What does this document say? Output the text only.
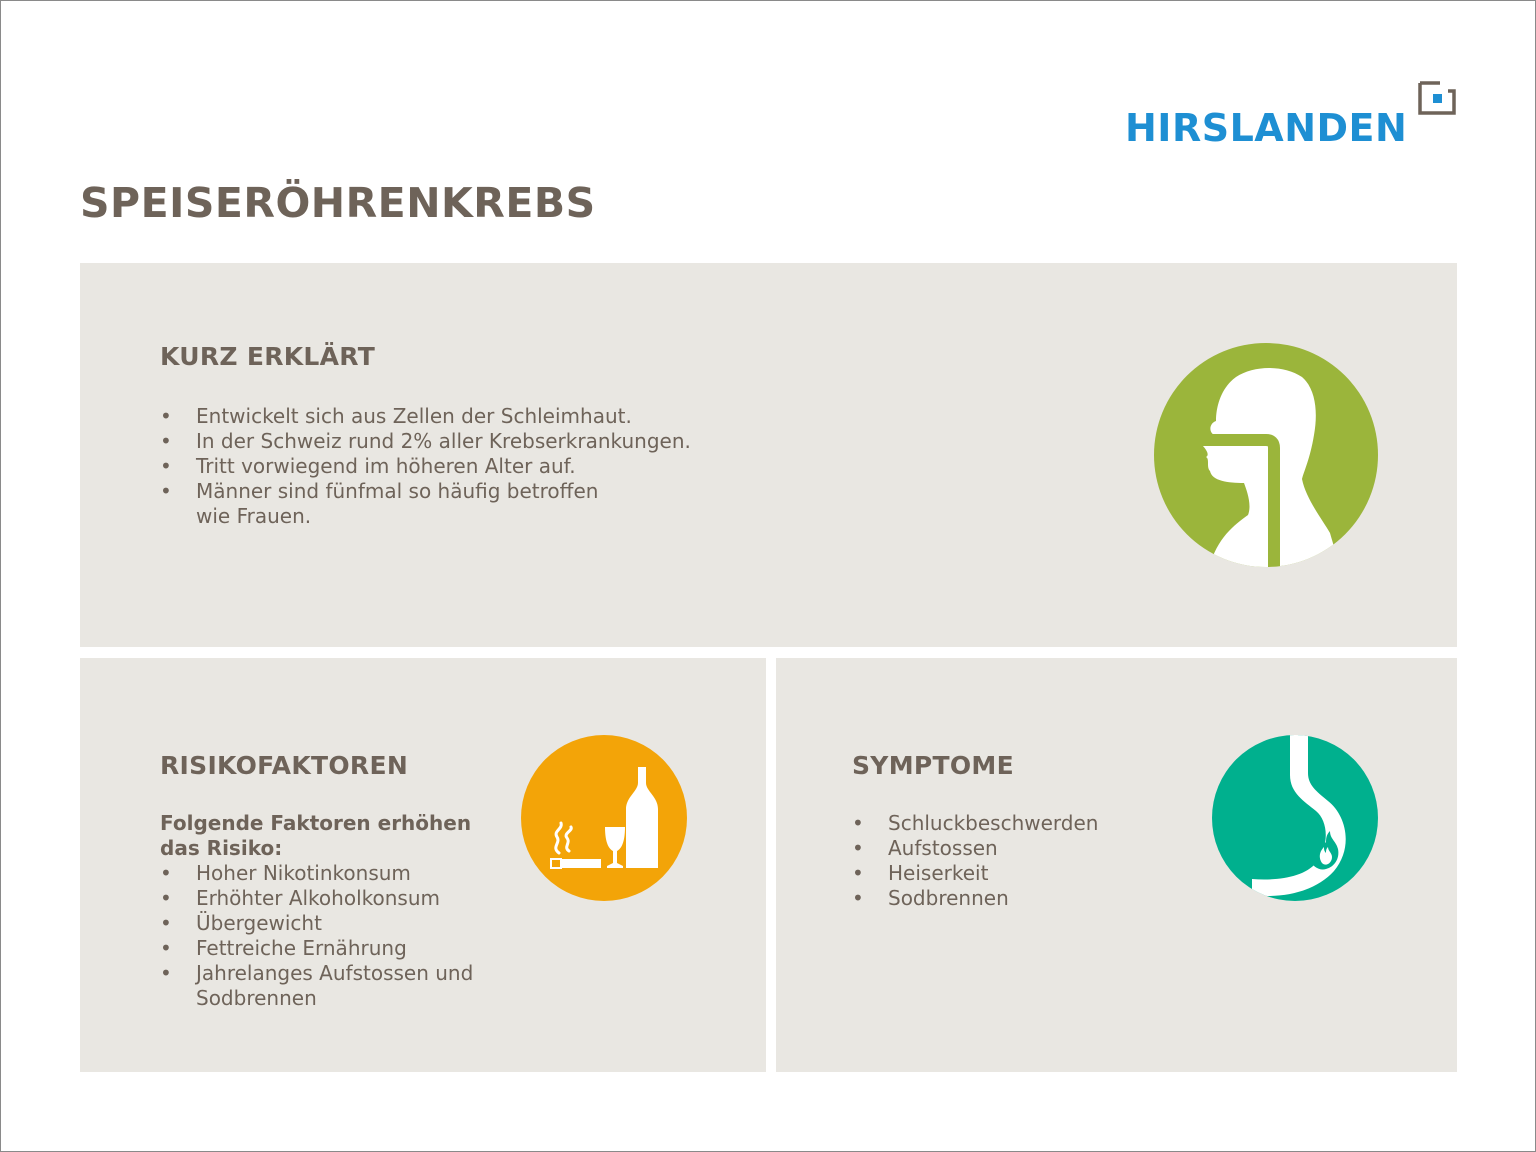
HIRSLANDEN
SPEISERÖHRENKREBS
KURZ ERKLÄRT
• Entwickelt sich aus Zellen der Schleimhaut.
• In der Schweiz rund 2% aller Krebserkrankungen.
• Tritt vorwiegend im höheren Alter auf.
• Männer sind fünfmal so häufig betroffen
wie Frauen.
RISIKOFAKTOREN

Folgende Faktoren erhöhen
das Risiko:

• Hoher Nikotinkonsum
• Erhöhter Alkoholkonsum
• Übergewicht
• Fettreiche Ernährung
• Jahrelanges Aufstossen und
Sodbrennen
SYMPTOME
• Schluckbeschwerden
• Aufstossen
• Heiserkeit
• Sodbrennen
